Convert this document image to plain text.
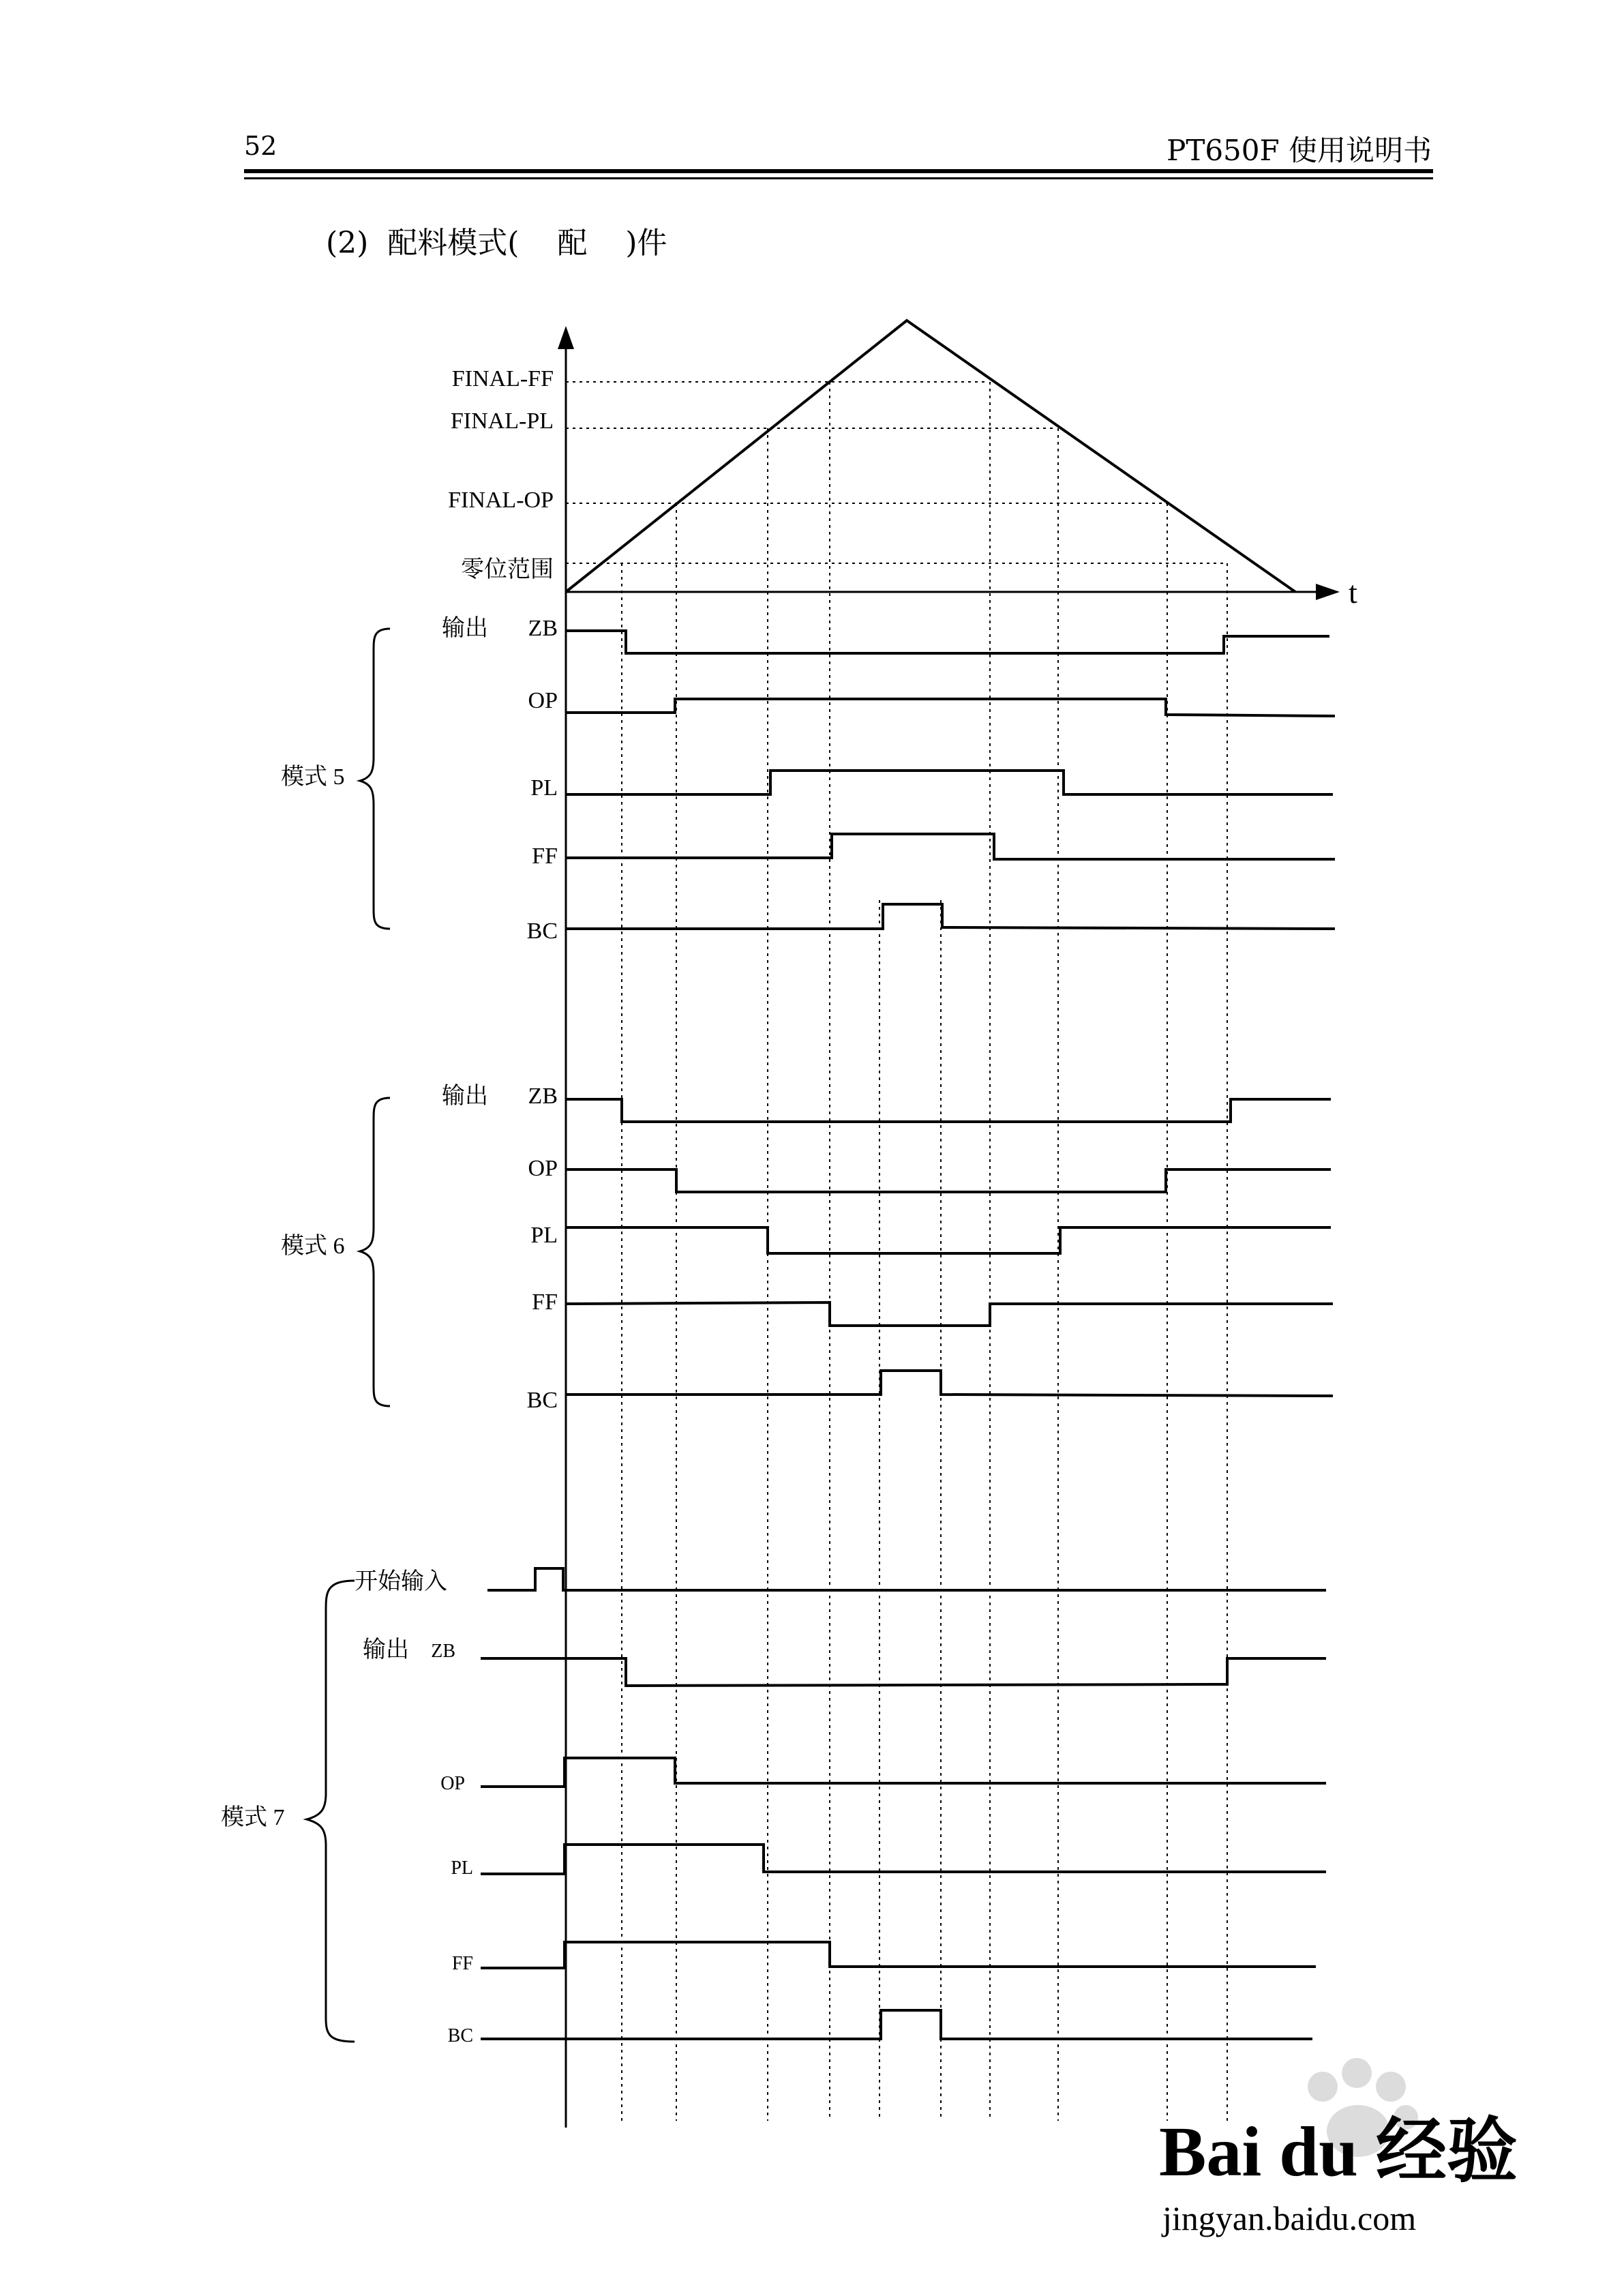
52	PT650F 使用说明书
(2)  配料模式(    配    )件
FINAL-FF
FINAL-PL
FINAL-OP
零位范围
t
输出 ZB
OP
PL
FF
BC
模式 5
输出 ZB
OP
PL
FF
BC
模式 6
开始输入
输出 ZB
OP
PL
FF
BC
模式 7
Bai du 经验
jingyan.baidu.com
